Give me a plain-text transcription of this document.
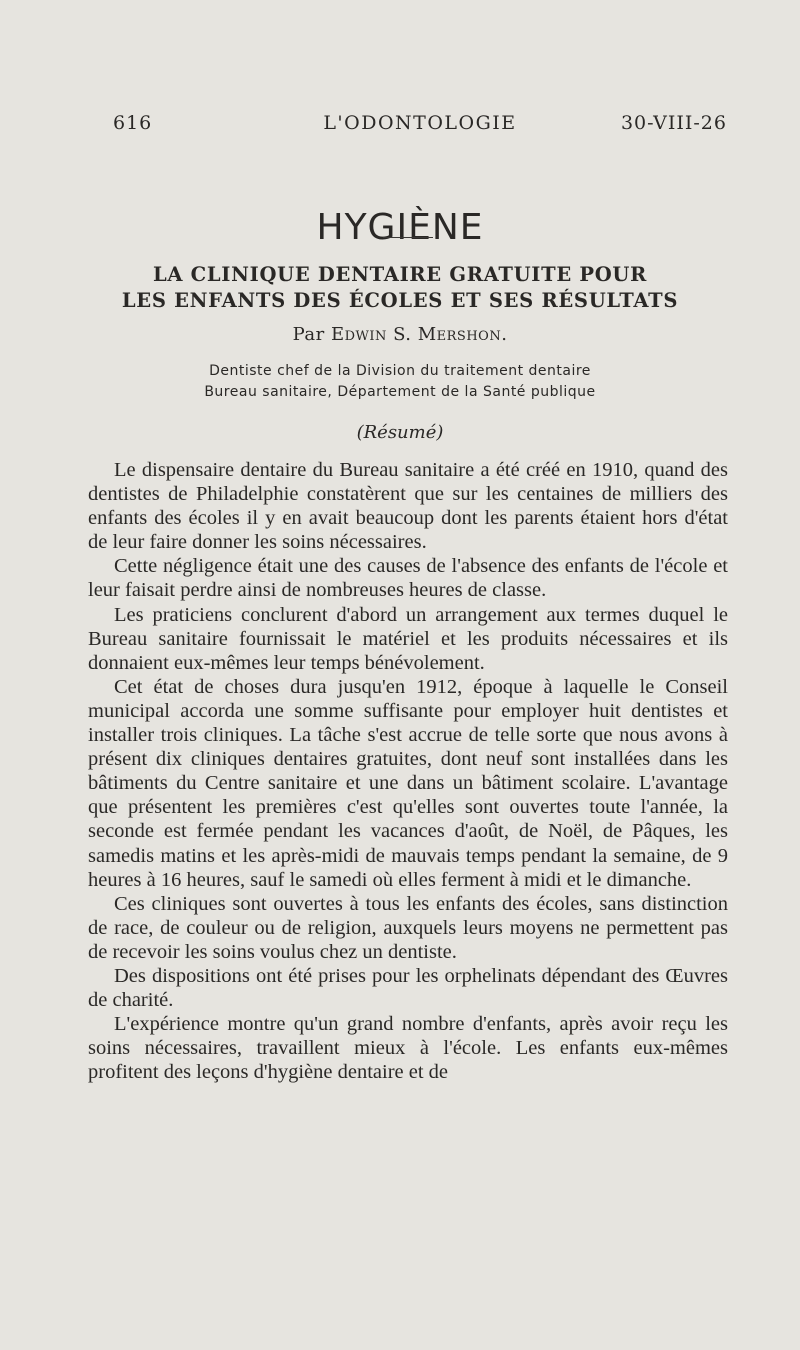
616	L'ODONTOLOGIE	30-VIII-26
HYGIÈNE
LA CLINIQUE DENTAIRE GRATUITE POUR
LES ENFANTS DES ÉCOLES ET SES RÉSULTATS
Par Edwin S. Mershon.
Dentiste chef de la Division du traitement dentaire
Bureau sanitaire, Département de la Santé publique
(Résumé)

Le dispensaire dentaire du Bureau sanitaire a été créé en 1910, quand des dentistes de Philadelphie constatèrent que sur les centaines de milliers des enfants des écoles il y en avait beaucoup dont les parents étaient hors d'état de leur faire donner les soins nécessaires.

Cette négligence était une des causes de l'absence des enfants de l'école et leur faisait perdre ainsi de nombreuses heures de classe.

Les praticiens conclurent d'abord un arrangement aux termes duquel le Bureau sanitaire fournissait le matériel et les produits nécessaires et ils donnaient eux-mêmes leur temps bénévolement.

Cet état de choses dura jusqu'en 1912, époque à laquelle le Conseil municipal accorda une somme suffisante pour employer huit dentistes et installer trois cliniques. La tâche s'est accrue de telle sorte que nous avons à présent dix cliniques dentaires gratuites, dont neuf sont installées dans les bâtiments du Centre sanitaire et une dans un bâtiment scolaire. L'avantage que présentent les premières c'est qu'elles sont ouvertes toute l'année, la seconde est fermée pendant les vacances d'août, de Noël, de Pâques, les samedis matins et les après-midi de mauvais temps pendant la semaine, de 9 heures à 16 heures, sauf le samedi où elles ferment à midi et le dimanche.

Ces cliniques sont ouvertes à tous les enfants des écoles, sans distinction de race, de couleur ou de religion, auxquels leurs moyens ne permettent pas de recevoir les soins voulus chez un dentiste.

Des dispositions ont été prises pour les orphelinats dépendant des Œuvres de charité.

L'expérience montre qu'un grand nombre d'enfants, après avoir reçu les soins nécessaires, travaillent mieux à l'école. Les enfants eux-mêmes profitent des leçons d'hygiène dentaire et de
